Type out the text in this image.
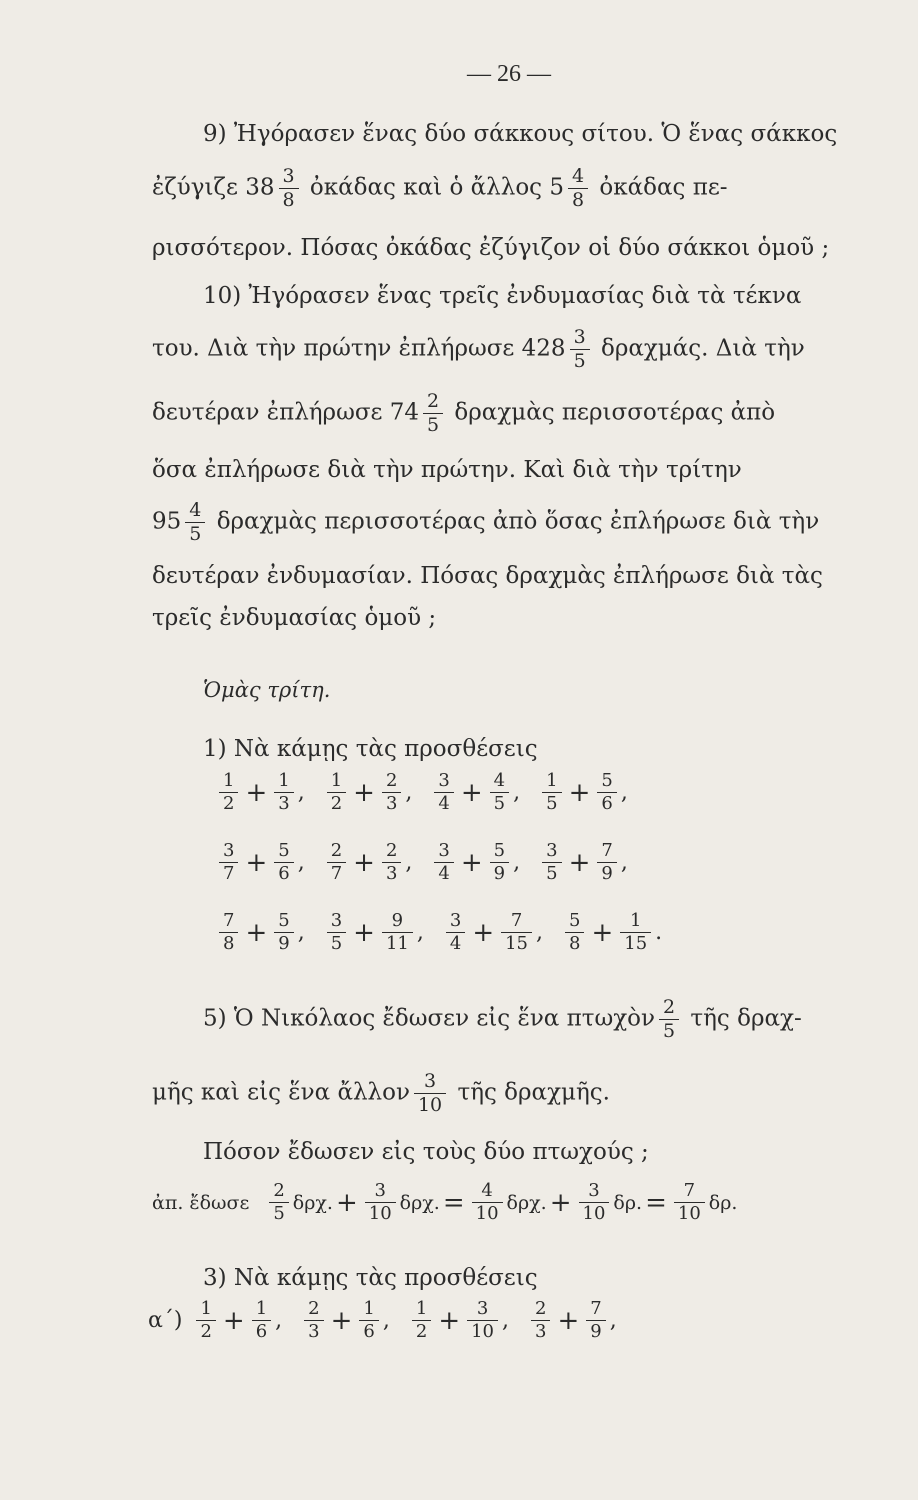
— 26 —
9) Ἠγόρασεν ἕνας δύο σάκκους σίτου. Ὁ ἕνας σάκκος
ἐζύγιζε $38 \frac{3}{8}$ ὀκάδας καὶ ὁ ἄλλος $5 \frac{4}{8}$ ὀκάδας πε-
ρισσότερον. Πόσας ὀκάδας ἐζύγιζον οἱ δύο σάκκοι ὁμοῦ ;
10) Ἠγόρασεν ἕνας τρεῖς ἐνδυμασίας διὰ τὰ τέκνα
του. Διὰ τὴν πρώτην ἐπλήρωσε $428 \frac{3}{5} \delta\rho\alpha\chi\mu ά\varsigma$. Διὰ τὴν
δευτέραν ἐπλήρωσε $74 \frac{2}{5}$ δραχμὰς περισσοτέρας ἀπὸ
ὅσα ἐπλήρωσε διὰ τὴν πρώτην. Καὶ διὰ τὴν τρίτην
$95 \frac{4}{5}$ δραχμὰς περισσοτέρας ἀπὸ ὅσας ἐπλήρωσε διὰ τὴν
δευτέραν ἐνδυμασίαν. Πόσας δραχμὰς ἐπλήρωσε διὰ τὰς
τρεῖς ἐνδυμασίας ὁμοῦ ;
Ὁμὰς τρίτη.
1) Νὰ κάμῃς τὰς προσθέσεις
$\frac{1}{2} + \frac{1}{3}$ , $\frac{1}{2} + \frac{2}{3}$ , $\frac{3}{4} + \frac{4}{5}$ , $\frac{1}{5} + \frac{5}{6}$ ,
$\frac{3}{7} + \frac{5}{6}$ , $\frac{2}{7} + \frac{2}{3}$ , $\frac{3}{4} + \frac{5}{9}$ , $\frac{3}{5} + \frac{7}{9}$ ,
$\frac{7}{8} + \frac{5}{9}$ , $\frac{3}{5} + \frac{9}{11}$ , $\frac{3}{4} + \frac{7}{15}$ , $\frac{5}{8} + \frac{1}{15}$ .
5) Ὁ Νικόλαος ἔδωσεν εἰς ἕνα πτωχὸν $\frac{2}{5}$ τῆς δραχ-
μῆς καὶ εἰς ἕνα ἄλλον $\frac{3}{10}$ τῆς δραχμῆς.
Πόσον ἔδωσεν εἰς τοὺς δύο πτωχούς ;
ἀπ. ἔδωσε $\frac{2}{5} \delta\rho\chi$. + $\frac{3}{10} \delta\rho\chi$. = $\frac{4}{10} \delta\rho\chi$. + $\frac{3}{10} \delta\rho$. = $\frac{7}{10} \delta\rho$.
3) Νὰ κάμῃς τὰς προσθέσεις
$\alpha΄) \frac{1}{2} + \frac{1}{6}$ , $\frac{2}{3} + \frac{1}{6}$ , $\frac{1}{2} + \frac{3}{10}$ , $\frac{2}{3} + \frac{7}{9}$ ,
